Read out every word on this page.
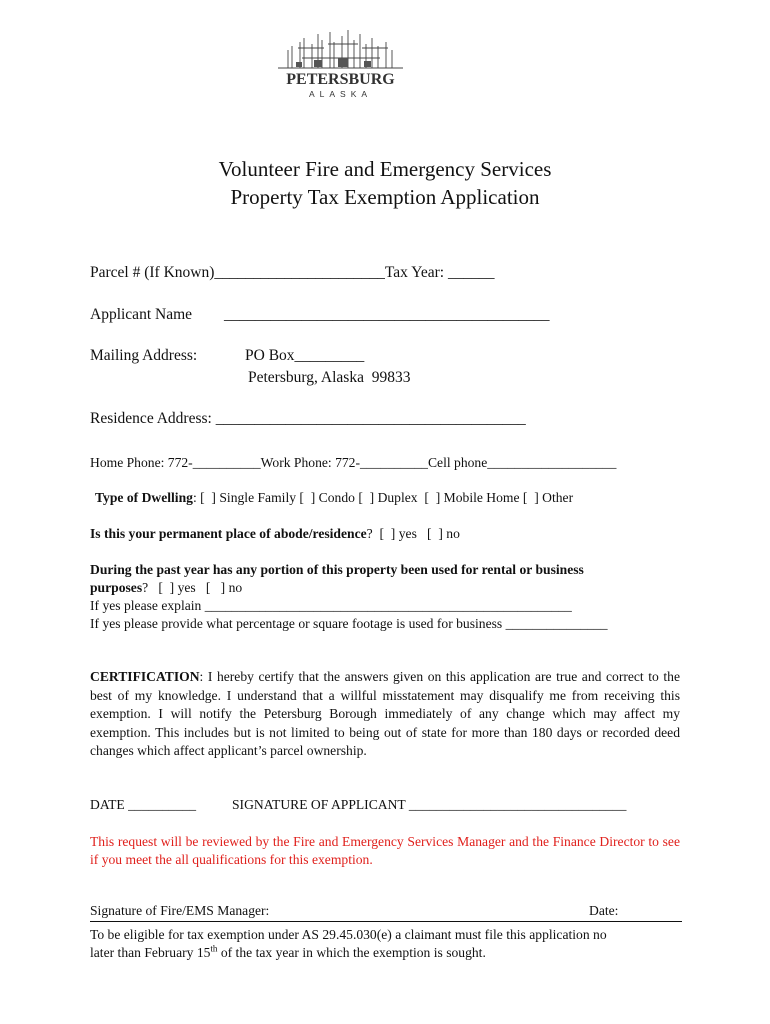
PETERSBURG
ALASKA
Volunteer Fire and Emergency Services
Property Tax Exemption Application
Parcel # (If Known)______________________Tax Year: ______
Applicant Name __________________________________________
Mailing Address:	PO Box_________
Petersburg, Alaska  99833
Residence Address: ________________________________________
Home Phone: 772-__________Work Phone: 772-__________Cell phone___________________
Type of Dwelling: [  ] Single Family [  ] Condo [  ] Duplex  [  ] Mobile Home [  ] Other
Is this your permanent place of abode/residence?  [  ] yes   [  ] no
During the past year has any portion of this property been used for rental or business
purposes?   [  ] yes   [   ] no
If yes please explain ______________________________________________________
If yes please provide what percentage or square footage is used for business _______________
CERTIFICATION: I hereby certify that the answers given on this application are true and correct to the best of my knowledge. I understand that a willful misstatement may disqualify me from receiving this exemption. I will notify the Petersburg Borough immediately of any change which may affect my exemption. This includes but is not limited to being out of state for more than 180 days or recorded deed changes which affect applicant’s parcel ownership.
DATE __________	SIGNATURE OF APPLICANT ________________________________
This request will be reviewed by the Fire and Emergency Services Manager and the Finance Director to see if you meet the all qualifications for this exemption.
Signature of Fire/EMS Manager:	Date:
To be eligible for tax exemption under AS 29.45.030(e) a claimant must file this application no
later than February 15th of the tax year in which the exemption is sought.
